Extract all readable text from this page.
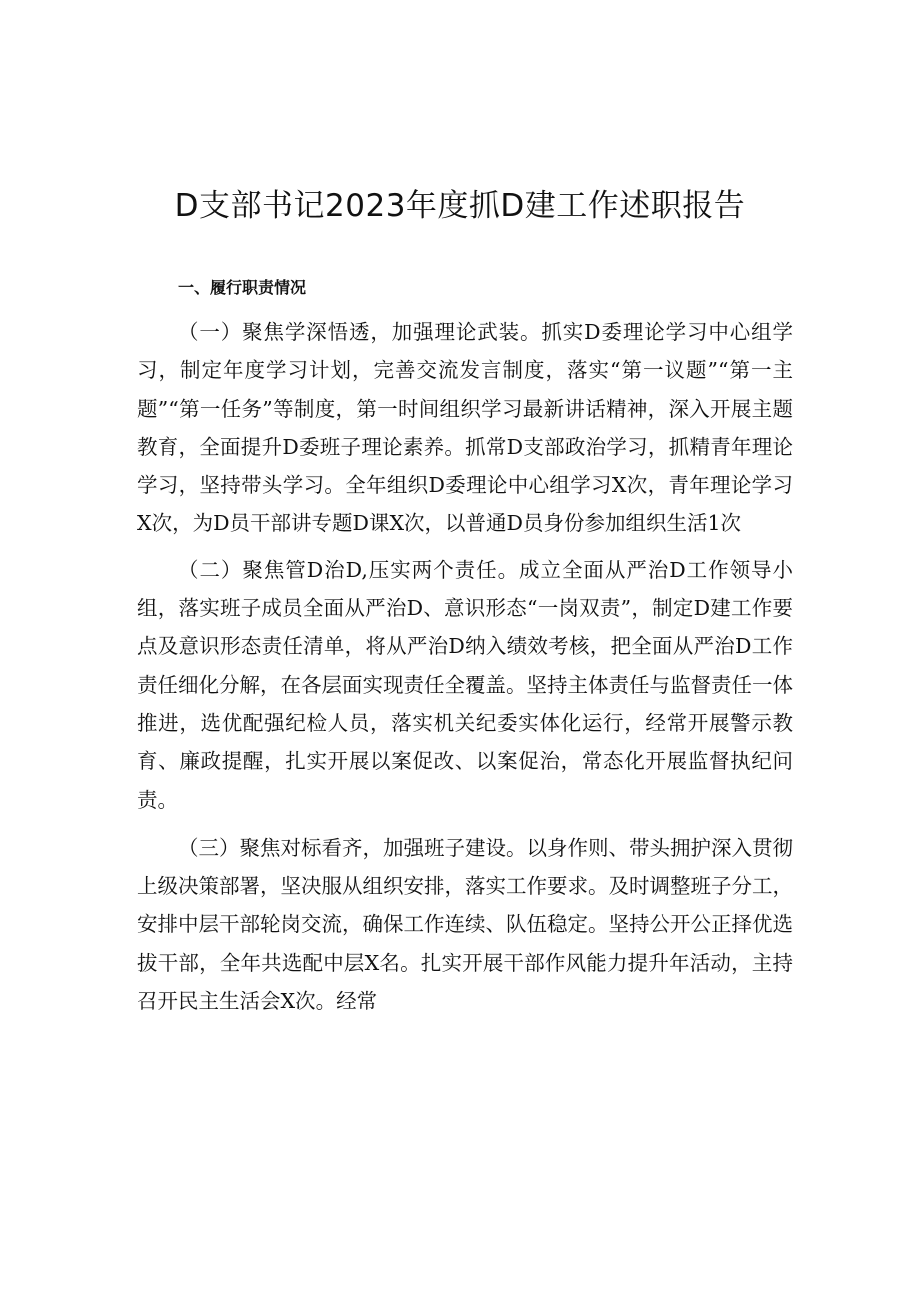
D支部书记2023年度抓D建工作述职报告
一、履行职责情况

（一）聚焦学深悟透，加强理论武装。抓实D委理论学习中心组学习，制定年度学习计划，完善交流发言制度，落实“第一议题”“第一主题”“第一任务”等制度，第一时间组织学习最新讲话精神，深入开展主题教育，全面提升D委班子理论素养。抓常D支部政治学习，抓精青年理论学习，坚持带头学习。全年组织D委理论中心组学习X次，青年理论学习X次，为D员干部讲专题D课X次，以普通D员身份参加组织生活1次

（二）聚焦管D治D,压实两个责任。成立全面从严治D工作领导小组，落实班子成员全面从严治D、意识形态“一岗双责”，制定D建工作要点及意识形态责任清单，将从严治D纳入绩效考核，把全面从严治D工作责任细化分解，在各层面实现责任全覆盖。坚持主体责任与监督责任一体推进，选优配强纪检人员，落实机关纪委实体化运行，经常开展警示教育、廉政提醒，扎实开展以案促改、以案促治，常态化开展监督执纪问责。

（三）聚焦对标看齐，加强班子建设。以身作则、带头拥护深入贯彻上级决策部署，坚决服从组织安排，落实工作要求。及时调整班子分工，安排中层干部轮岗交流，确保工作连续、队伍稳定。坚持公开公正择优选拔干部，全年共选配中层X名。扎实开展干部作风能力提升年活动，主持召开民主生活会X次。经常
